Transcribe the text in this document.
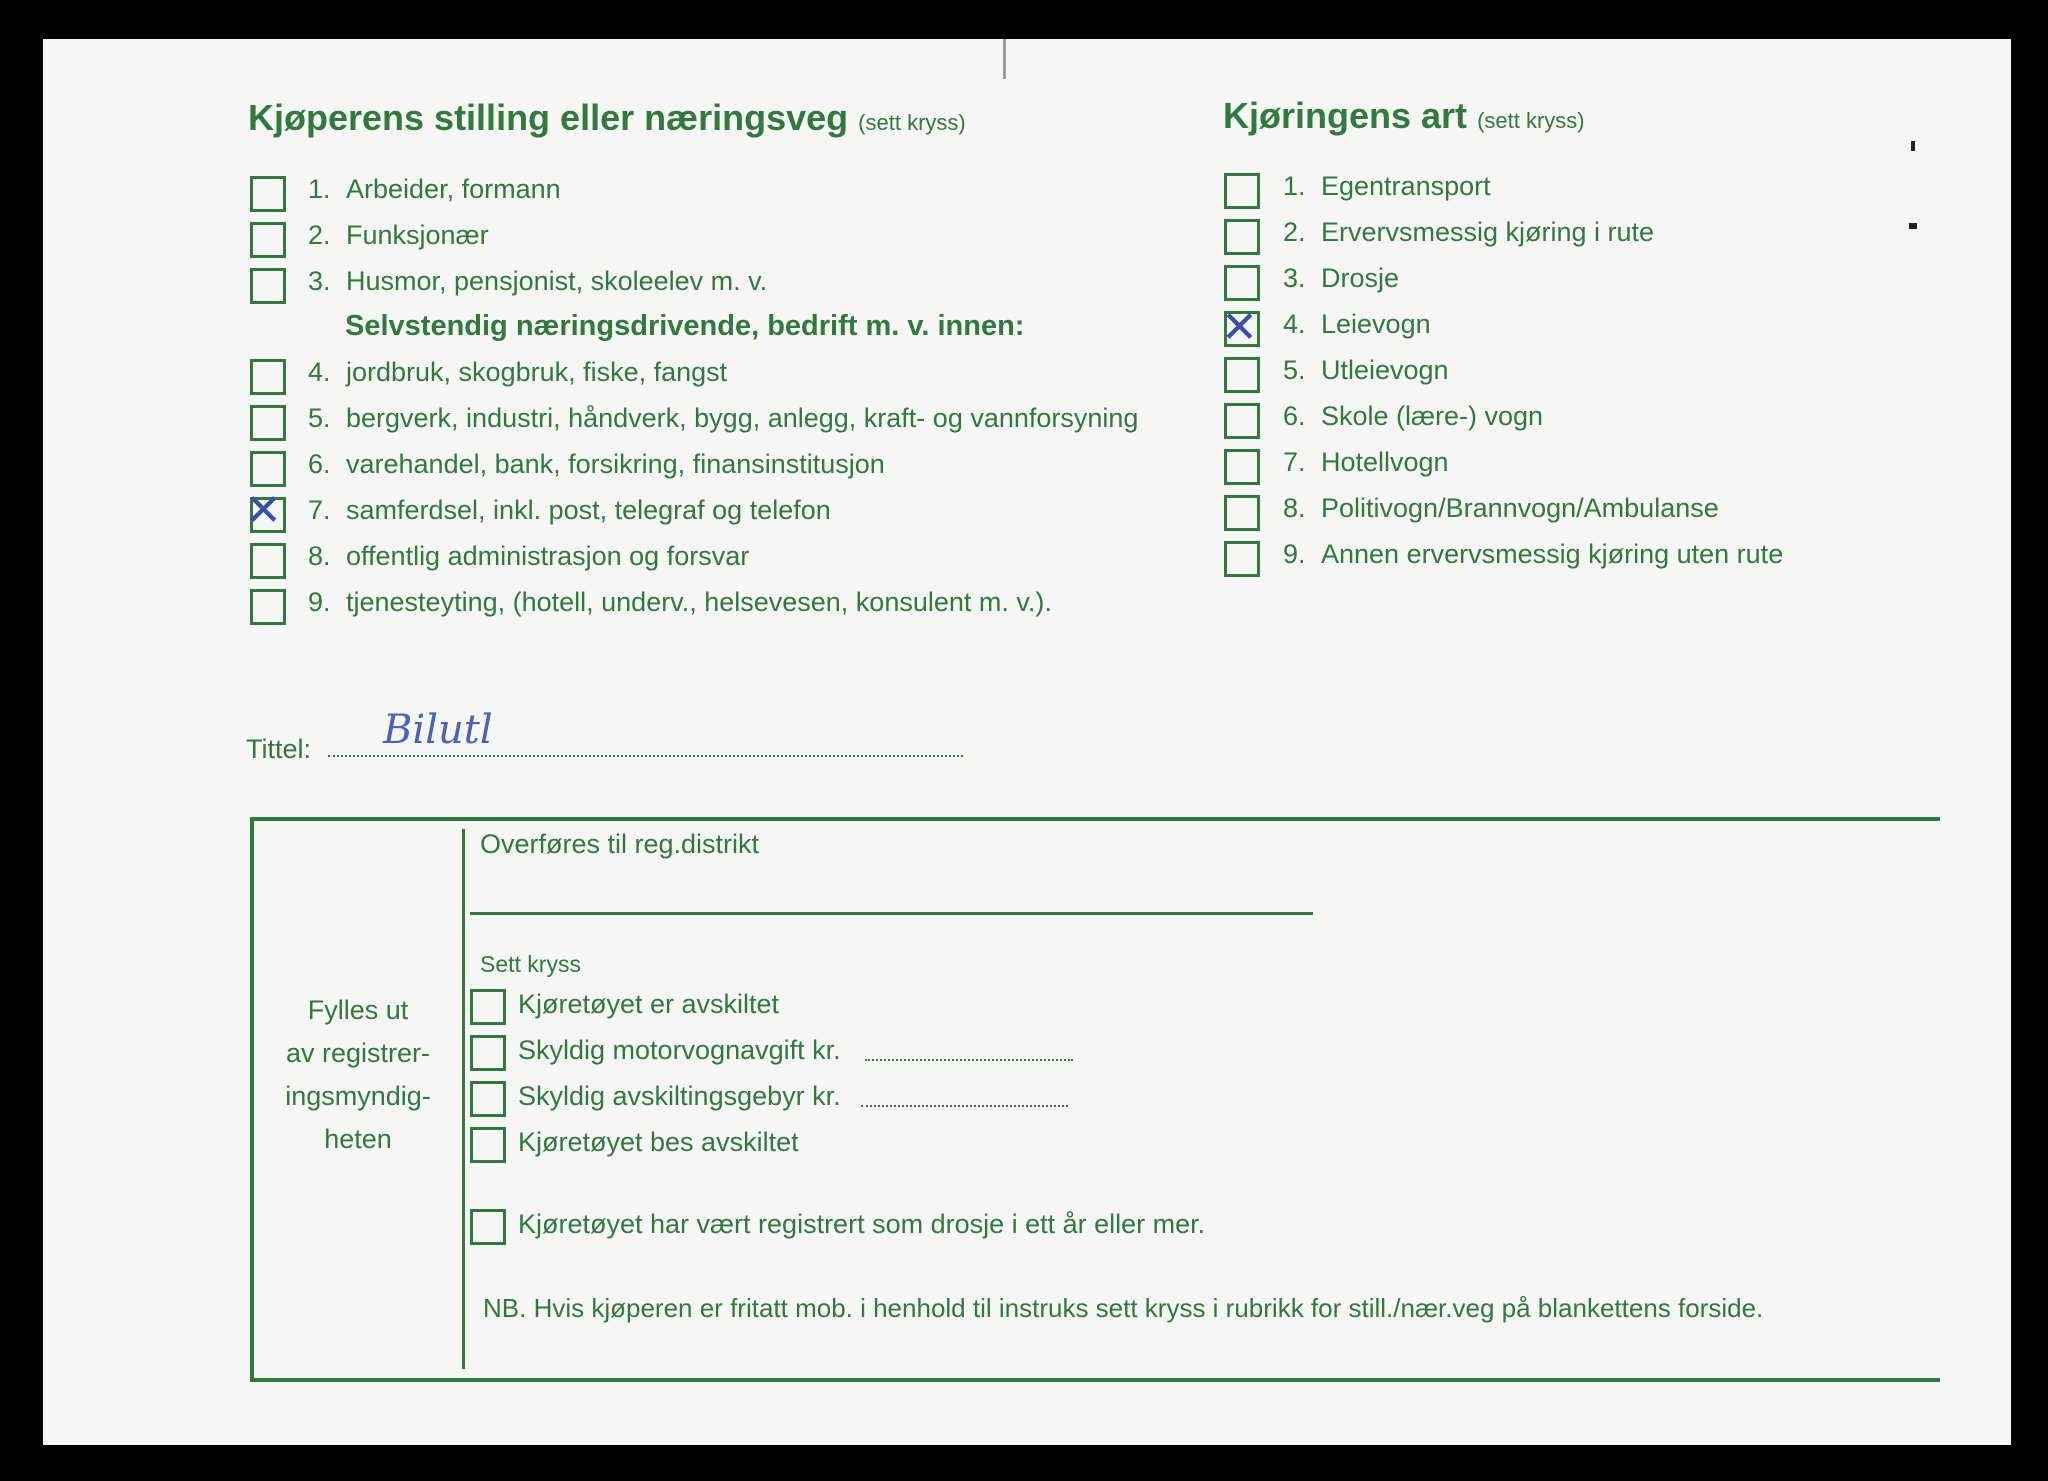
Kjøperens stilling eller næringsveg (sett kryss)	Kjøringens art (sett kryss)
1. Arbeider, formann
2. Funksjonær
3. Husmor, pensjonist, skoleelev m. v.
Selvstendig næringsdrivende, bedrift m. v. innen:
4. jordbruk, skogbruk, fiske, fangst
5. bergverk, industri, håndverk, bygg, anlegg, kraft- og vannforsyning
6. varehandel, bank, forsikring, finansinstitusjon
✕ 7. samferdsel, inkl. post, telegraf og telefon
8. offentlig administrasjon og forsvar
9. tjenesteyting, (hotell, underv., helsevesen, konsulent m. v.).
1. Egentransport
2. Ervervsmessig kjøring i rute
3. Drosje
✕ 4. Leievogn
5. Utleievogn
6. Skole (lære-) vogn
7. Hotellvogn
8. Politivogn/Brannvogn/Ambulanse
9. Annen ervervsmessig kjøring uten rute
Tittel: Bilutl
Fylles ut
av registrer-
ingsmyndig-
heten
Overføres til reg.distrikt
Sett kryss
Kjøretøyet er avskiltet
Skyldig motorvognavgift kr.
Skyldig avskiltingsgebyr kr.
Kjøretøyet bes avskiltet
Kjøretøyet har vært registrert som drosje i ett år eller mer.
NB. Hvis kjøperen er fritatt mob. i henhold til instruks sett kryss i rubrikk for still./nær.veg på blankettens forside.
